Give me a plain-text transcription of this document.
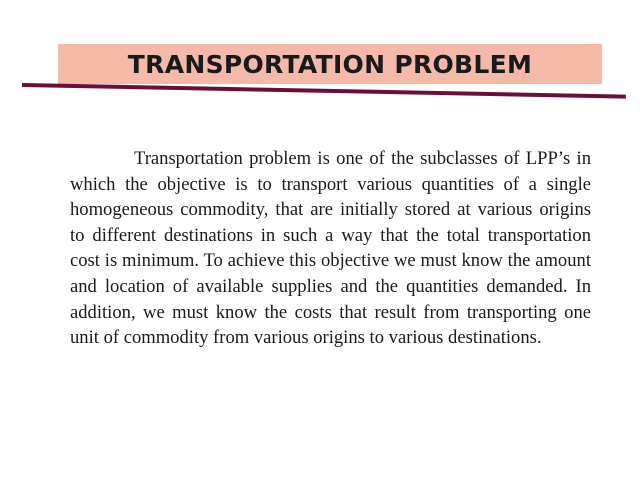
TRANSPORTATION PROBLEM

Transportation problem is one of the subclasses of LPP’s in which the objective is to transport various quantities of a single homogeneous commodity, that are initially stored at various origins to different destinations in such a way that the total transportation cost is minimum. To achieve this objective we must know the amount and location of available supplies and the quantities demanded. In addition, we must know the costs that result from transporting one unit of commodity from various origins to various destinations.
